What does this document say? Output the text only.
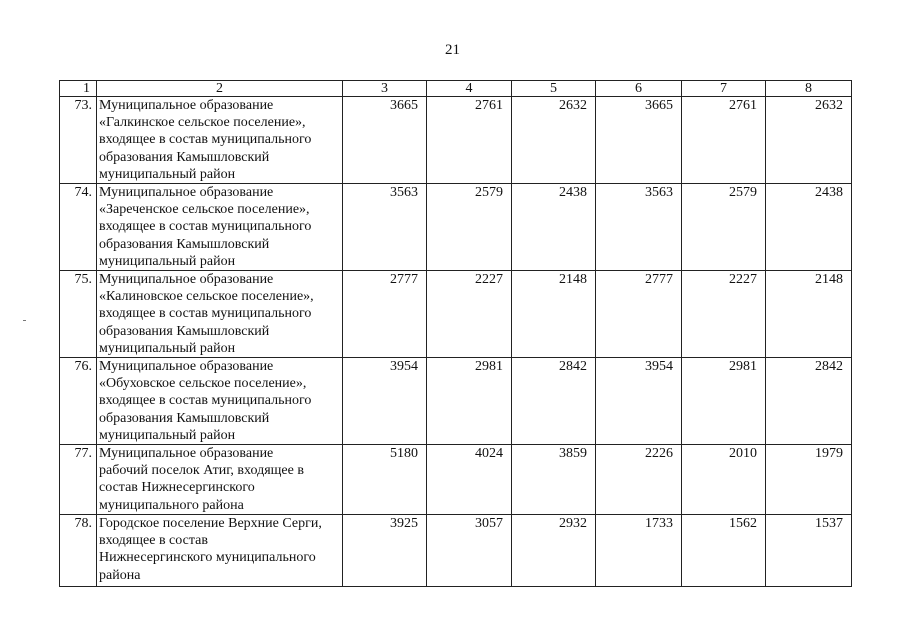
21
1	2	3	4	5	6	7	8
73.	Муниципальное образование
«Галкинское сельское поселение»,
входящее в состав муниципального
образования Камышловский
муниципальный район	3665	2761	2632	3665	2761	2632
74.	Муниципальное образование
«Зареченское сельское поселение»,
входящее в состав муниципального
образования Камышловский
муниципальный район	3563	2579	2438	3563	2579	2438
75.	Муниципальное образование
«Калиновское сельское поселение»,
входящее в состав муниципального
образования Камышловский
муниципальный район	2777	2227	2148	2777	2227	2148
76.	Муниципальное образование
«Обуховское сельское поселение»,
входящее в состав муниципального
образования Камышловский
муниципальный район	3954	2981	2842	3954	2981	2842
77.	Муниципальное образование
рабочий поселок Атиг, входящее в
состав Нижнесергинского
муниципального района	5180	4024	3859	2226	2010	1979
78.	Городское поселение Верхние Серги,
входящее в состав
Нижнесергинского муниципального
района	3925	3057	2932	1733	1562	1537
